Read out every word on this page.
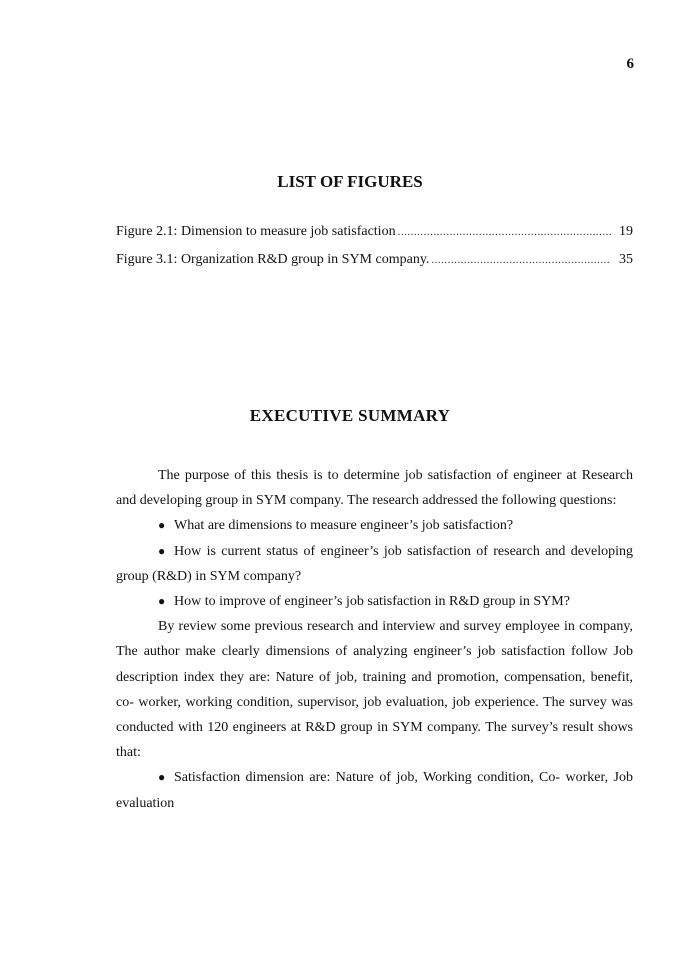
6
LIST OF FIGURES
Figure 2.1: Dimension to measure job satisfaction .....	19
Figure 3.1: Organization R&D group in SYM company. .....	35
EXECUTIVE SUMMARY

The purpose of this thesis is to determine job satisfaction of engineer at Research and developing group in SYM company. The research addressed the following questions:

● What are dimensions to measure engineer’s job satisfaction?

● How is current status of engineer’s job satisfaction of research and developing group (R&D) in SYM company?

● How to improve of engineer’s job satisfaction in R&D group in SYM?

By review some previous research and interview and survey employee in company, The author make clearly dimensions of analyzing engineer’s job satisfaction follow Job description index they are: Nature of job, training and promotion, compensation, benefit, co- worker, working condition, supervisor, job evaluation, job experience. The survey was conducted with 120 engineers at R&D group in SYM company. The survey’s result shows that:

● Satisfaction dimension are: Nature of job, Working condition, Co- worker, Job evaluation
